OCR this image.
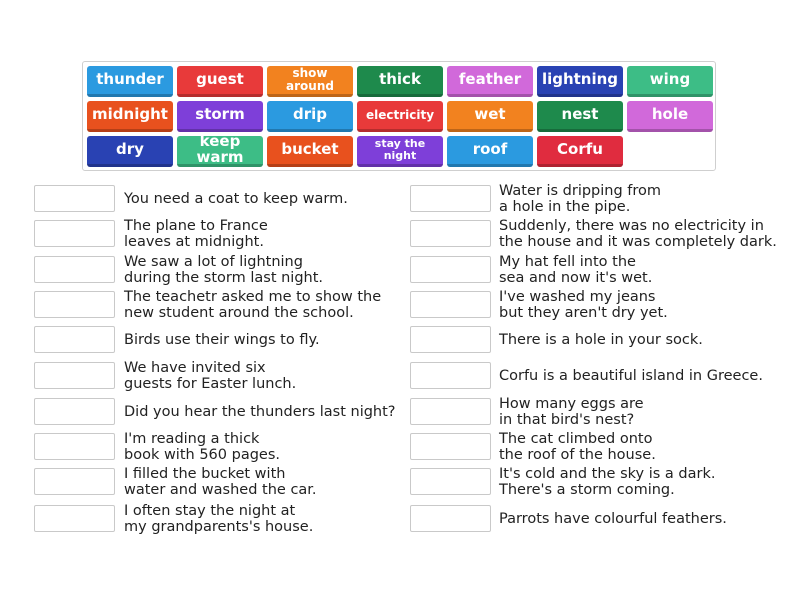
thunder	guest	show around	thick	feather	lightning	wing
midnight	storm	drip	electricity	wet	nest	hole
dry	keep warm	bucket	stay the night	roof	Corfu
You need a coat to keep warm.
The plane to France
leaves at midnight.
We saw a lot of lightning
during the storm last night.
The teachetr asked me to show the
new student around the school.
Birds use their wings to fly.
We have invited six
guests for Easter lunch.
Did you hear the thunders last night?
I'm reading a thick
book with 560 pages.
I filled the bucket with
water and washed the car.
I often stay the night at
my grandparents's house.
Water is dripping from
a hole in the pipe.
Suddenly, there was no electricity in
the house and it was completely dark.
My hat fell into the
sea and now it's wet.
I've washed my jeans
but they aren't dry yet.
There is a hole in your sock.
Corfu is a beautiful island in Greece.
How many eggs are
in that bird's nest?
The cat climbed onto
the roof of the house.
It's cold and the sky is a dark.
There's a storm coming.
Parrots have colourful feathers.
